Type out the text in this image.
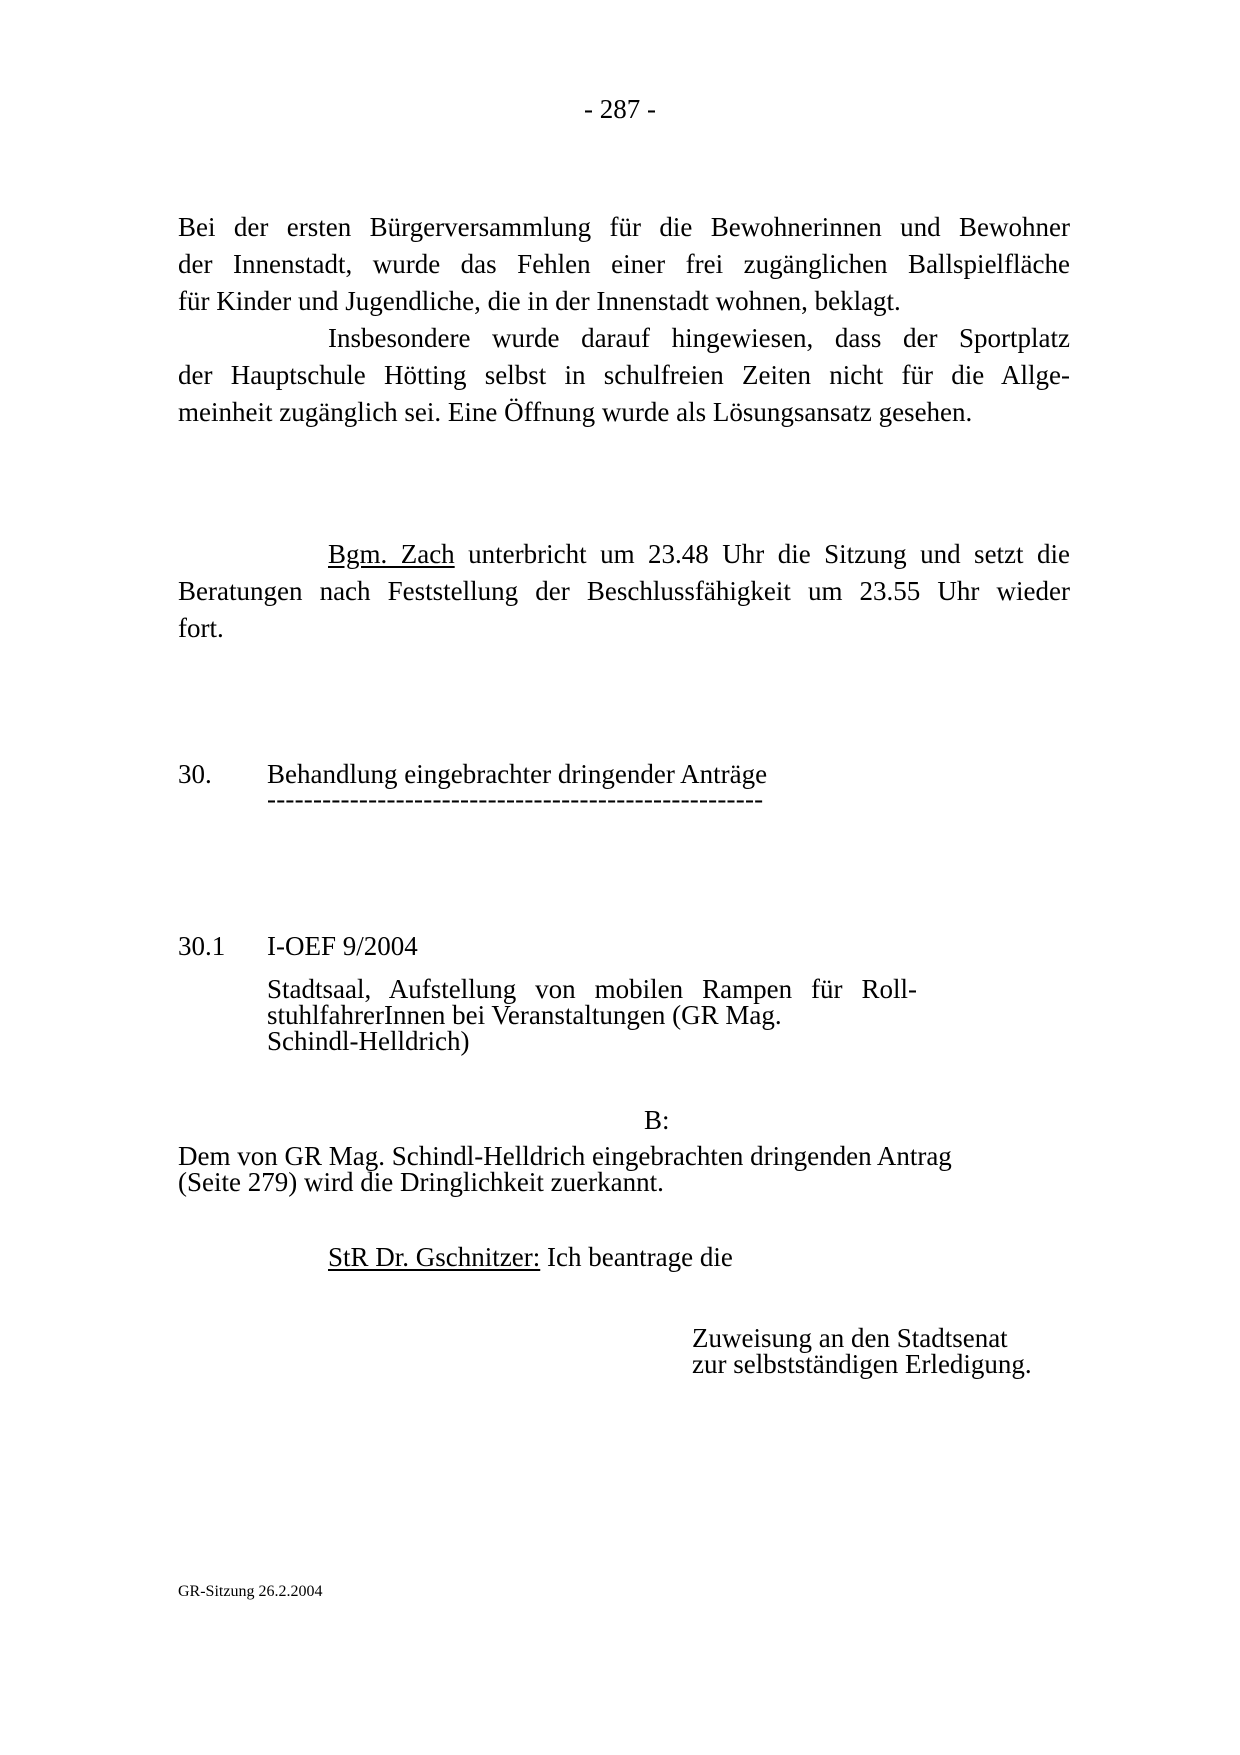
- 287 -
Bei der ersten Bürgerversammlung für die Bewohnerinnen und Bewohner
der Innenstadt, wurde das Fehlen einer frei zugänglichen Ballspielfläche
für Kinder und Jugendliche, die in der Innenstadt wohnen, beklagt.
Insbesondere wurde darauf hingewiesen, dass der Sportplatz
der Hauptschule Hötting selbst in schulfreien Zeiten nicht für die Allge-
meinheit zugänglich sei. Eine Öffnung wurde als Lösungsansatz gesehen.
Bgm. Zach unterbricht um 23.48 Uhr die Sitzung und setzt die
Beratungen nach Feststellung der Beschlussfähigkeit um 23.55 Uhr wieder
fort.
30. Behandlung eingebrachter dringender Anträge
------------------------------------------------------
30.1 I-OEF 9/2004
Stadtsaal, Aufstellung von mobilen Rampen für Roll-
stuhlfahrerInnen bei Veranstaltungen (GR Mag.
Schindl-Helldrich)
B:
Dem von GR Mag. Schindl-Helldrich eingebrachten dringenden Antrag
(Seite 279) wird die Dringlichkeit zuerkannt.
StR Dr. Gschnitzer: Ich beantrage die
Zuweisung an den Stadtsenat
zur selbstständigen Erledigung.
GR-Sitzung 26.2.2004
